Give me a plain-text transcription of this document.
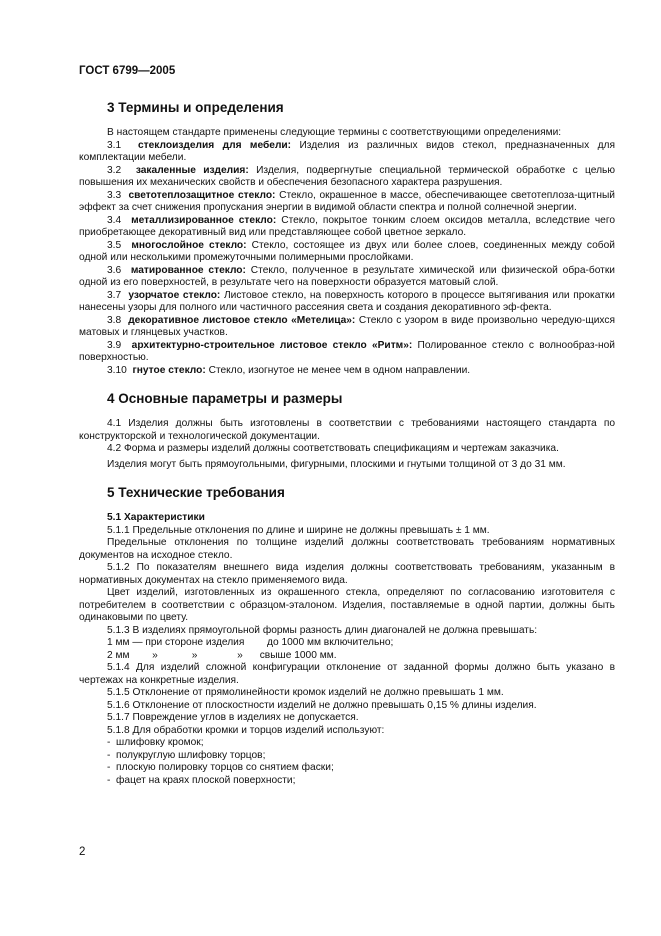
ГОСТ 6799—2005
3 Термины и определения

В настоящем стандарте применены следующие термины с соответствующими определениями:

3.1 стеклоизделия для мебели: Изделия из различных видов стекол, предназначенных для комплектации мебели.

3.2 закаленные изделия: Изделия, подвергнутые специальной термической обработке с целью повышения их механических свойств и обеспечения безопасного характера разрушения.

3.3 светотеплозащитное стекло: Стекло, окрашенное в массе, обеспечивающее светотеплоза-щитный эффект за счет снижения пропускания энергии в видимой области спектра и полной солнечной энергии.

3.4 металлизированное стекло: Стекло, покрытое тонким слоем оксидов металла, вследствие чего приобретающее декоративный вид или представляющее собой цветное зеркало.

3.5 многослойное стекло: Стекло, состоящее из двух или более слоев, соединенных между собой одной или несколькими промежуточными полимерными прослойками.

3.6 матированное стекло: Стекло, полученное в результате химической или физической обра-ботки одной из его поверхностей, в результате чего на поверхности образуется матовый слой.

3.7 узорчатое стекло: Листовое стекло, на поверхность которого в процессе вытягивания или прокатки нанесены узоры для полного или частичного рассеяния света и создания декоративного эф-фекта.

3.8 декоративное листовое стекло «Метелица»: Стекло с узором в виде произвольно чередую-щихся матовых и глянцевых участков.

3.9 архитектурно-строительное листовое стекло «Ритм»: Полированное стекло с волнообраз-ной поверхностью.

3.10 гнутое стекло: Стекло, изогнутое не менее чем в одном направлении.

4 Основные параметры и размеры

4.1 Изделия должны быть изготовлены в соответствии с требованиями настоящего стандарта по конструкторской и технологической документации.

4.2 Форма и размеры изделий должны соответствовать спецификациям и чертежам заказчика.

Изделия могут быть прямоугольными, фигурными, плоскими и гнутыми толщиной от 3 до 31 мм.

5 Технические требования
5.1 Характеристики

5.1.1 Предельные отклонения по длине и ширине не должны превышать ± 1 мм.

Предельные отклонения по толщине изделий должны соответствовать требованиям нормативных документов на исходное стекло.

5.1.2 По показателям внешнего вида изделия должны соответствовать требованиям, указанным в нормативных документах на стекло применяемого вида.

Цвет изделий, изготовленных из окрашенного стекла, определяют по согласованию изготовителя с потребителем в соответствии с образцом-эталоном. Изделия, поставляемые в одной партии, должны быть одинаковыми по цвету.

5.1.3 В изделиях прямоугольной формы разность длин диагоналей не должна превышать:

1 мм — при стороне изделия        до 1000 мм включительно;
2 мм        »            »              »      свыше 1000 мм.

5.1.4 Для изделий сложной конфигурации отклонение от заданной формы должно быть указано в чертежах на конкретные изделия.

5.1.5 Отклонение от прямолинейности кромок изделий не должно превышать 1 мм.

5.1.6 Отклонение от плоскостности изделий не должно превышать 0,15 % длины изделия.

5.1.7 Повреждение углов в изделиях не допускается.

5.1.8 Для обработки кромки и торцов изделий используют:

-  шлифовку кромок;
-  полукруглую шлифовку торцов;
-  плоскую полировку торцов со снятием фаски;
-  фацет на краях плоской поверхности;
2
